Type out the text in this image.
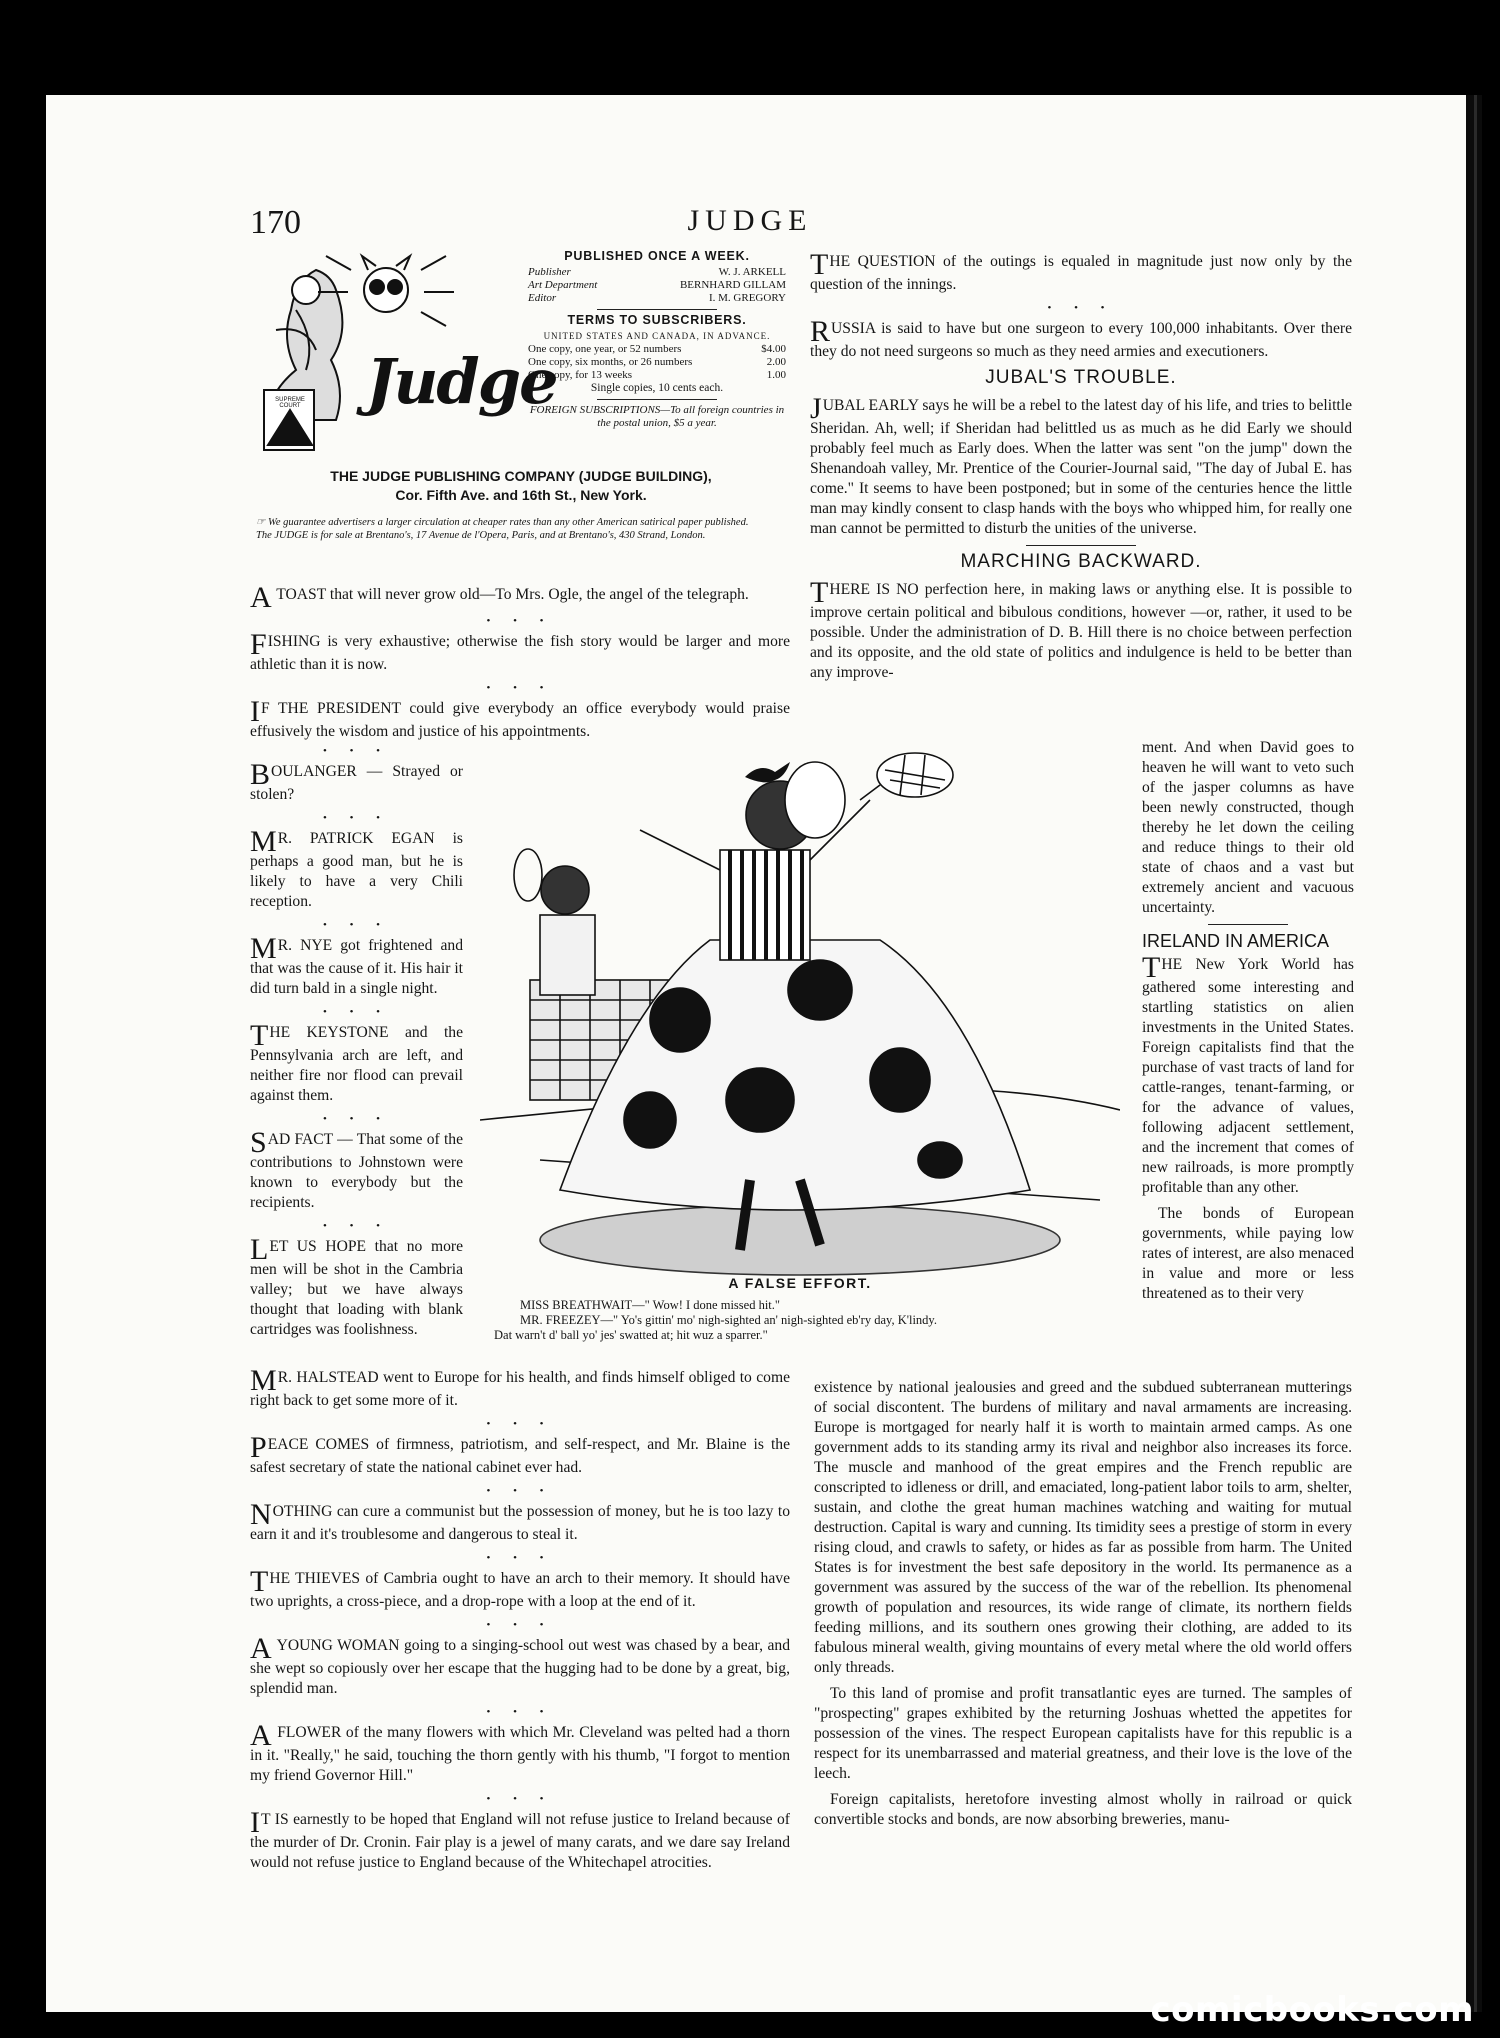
170	JUDGE
Judge
SUPREME COURT
PUBLISHED ONCE A WEEK.
Publisher	W. J. ARKELL
Art Department	BERNHARD GILLAM
Editor	I. M. GREGORY
TERMS TO SUBSCRIBERS.
UNITED STATES AND CANADA, IN ADVANCE.
One copy, one year, or 52 numbers	$4.00
One copy, six months, or 26 numbers	2.00
One copy, for 13 weeks	1.00
Single copies, 10 cents each.
FOREIGN SUBSCRIPTIONS—To all foreign countries in the postal union, $5 a year.
THE JUDGE PUBLISHING COMPANY (JUDGE BUILDING),
Cor. Fifth Ave. and 16th St., New York.
☞ We guarantee advertisers a larger circulation at cheaper rates than any other American satirical paper published.
The JUDGE is for sale at Brentano's, 17 Avenue de l'Opera, Paris, and at Brentano's, 430 Strand, London.

A TOAST that will never grow old—To Mrs. Ogle, the angel of the telegraph.

• • •

FISHING is very exhaustive; otherwise the fish story would be larger and more athletic than it is now.

• • •

IF THE PRESIDENT could give everybody an office everybody would praise effusively the wisdom and justice of his appointments.

• • •

BOULANGER — Strayed or stolen?

• • •

MR. PATRICK EGAN is perhaps a good man, but he is likely to have a very Chili reception.

• • •

MR. NYE got frightened and that was the cause of it. His hair it did turn bald in a single night.

• • •

THE KEYSTONE and the Pennsylvania arch are left, and neither fire nor flood can prevail against them.

• • •

SAD FACT — That some of the contributions to Johnstown were known to everybody but the recipients.

• • •

LET US HOPE that no more men will be shot in the Cambria valley; but we have always thought that loading with blank cartridges was foolishness.

A FALSE EFFORT.
MISS BREATHWAIT—" Wow! I done missed hit."
MR. FREEZEY—" Yo's gittin' mo' nigh-sighted an' nigh-sighted eb'ry day, K'lindy.
Dat warn't d' ball yo' jes' swatted at; hit wuz a sparrer."

MR. HALSTEAD went to Europe for his health, and finds himself obliged to come right back to get some more of it.

• • •

PEACE COMES of firmness, patriotism, and self-respect, and Mr. Blaine is the safest secretary of state the national cabinet ever had.

• • •

NOTHING can cure a communist but the possession of money, but he is too lazy to earn it and it's troublesome and dangerous to steal it.

• • •

THE THIEVES of Cambria ought to have an arch to their memory. It should have two uprights, a cross-piece, and a drop-rope with a loop at the end of it.

• • •

A YOUNG WOMAN going to a singing-school out west was chased by a bear, and she wept so copiously over her escape that the hugging had to be done by a great, big, splendid man.

• • •

A FLOWER of the many flowers with which Mr. Cleveland was pelted had a thorn in it. "Really," he said, touching the thorn gently with his thumb, "I forgot to mention my friend Governor Hill."

• • •

IT IS earnestly to be hoped that England will not refuse justice to Ireland because of the murder of Dr. Cronin. Fair play is a jewel of many carats, and we dare say Ireland would not refuse justice to England because of the Whitechapel atrocities.

THE QUESTION of the outings is equaled in magnitude just now only by the question of the innings.

• • •

RUSSIA is said to have but one surgeon to every 100,000 inhabitants. Over there they do not need surgeons so much as they need armies and executioners.

JUBAL'S TROUBLE.

JUBAL EARLY says he will be a rebel to the latest day of his life, and tries to belittle Sheridan. Ah, well; if Sheridan had belittled us as much as he did Early we should probably feel much as Early does. When the latter was sent "on the jump" down the Shenandoah valley, Mr. Prentice of the Courier-Journal said, "The day of Jubal E. has come." It seems to have been postponed; but in some of the centuries hence the little man may kindly consent to clasp hands with the boys who whipped him, for really one man cannot be permitted to disturb the unities of the universe.

MARCHING BACKWARD.

THERE IS NO perfection here, in making laws or anything else. It is possible to improve certain political and bibulous conditions, however —or, rather, it used to be possible. Under the administration of D. B. Hill there is no choice between perfection and its opposite, and the old state of politics and indulgence is held to be better than any improve-

ment. And when David goes to heaven he will want to veto such of the jasper columns as have been newly constructed, though thereby he let down the ceiling and reduce things to their old state of chaos and a vast but extremely ancient and vacuous uncertainty.

IRELAND IN AMERICA

THE New York World has gathered some interesting and startling statistics on alien investments in the United States. Foreign capitalists find that the purchase of vast tracts of land for cattle-ranges, tenant-farming, or for the advance of values, following adjacent settlement, and the increment that comes of new railroads, is more promptly profitable than any other.

The bonds of European governments, while paying low rates of interest, are also menaced in value and more or less threatened as to their very

existence by national jealousies and greed and the subdued subterranean mutterings of social discontent. The burdens of military and naval armaments are increasing. Europe is mortgaged for nearly half it is worth to maintain armed camps. As one government adds to its standing army its rival and neighbor also increases its force. The muscle and manhood of the great empires and the French republic are conscripted to idleness or drill, and emaciated, long-patient labor toils to arm, shelter, sustain, and clothe the great human machines watching and waiting for mutual destruction. Capital is wary and cunning. Its timidity sees a prestige of storm in every rising cloud, and crawls to safety, or hides as far as possible from harm. The United States is for investment the best safe depository in the world. Its permanence as a government was assured by the success of the war of the rebellion. Its phenomenal growth of population and resources, its wide range of climate, its northern fields feeding millions, and its southern ones growing their clothing, are added to its fabulous mineral wealth, giving mountains of every metal where the old world offers only threads.

To this land of promise and profit transatlantic eyes are turned. The samples of "prospecting" grapes exhibited by the returning Joshuas whetted the appetites for possession of the vines. The respect European capitalists have for this republic is a respect for its unembarrassed and material greatness, and their love is the love of the leech.

Foreign capitalists, heretofore investing almost wholly in railroad or quick convertible stocks and bonds, are now absorbing breweries, manu-

comicbooks.com
